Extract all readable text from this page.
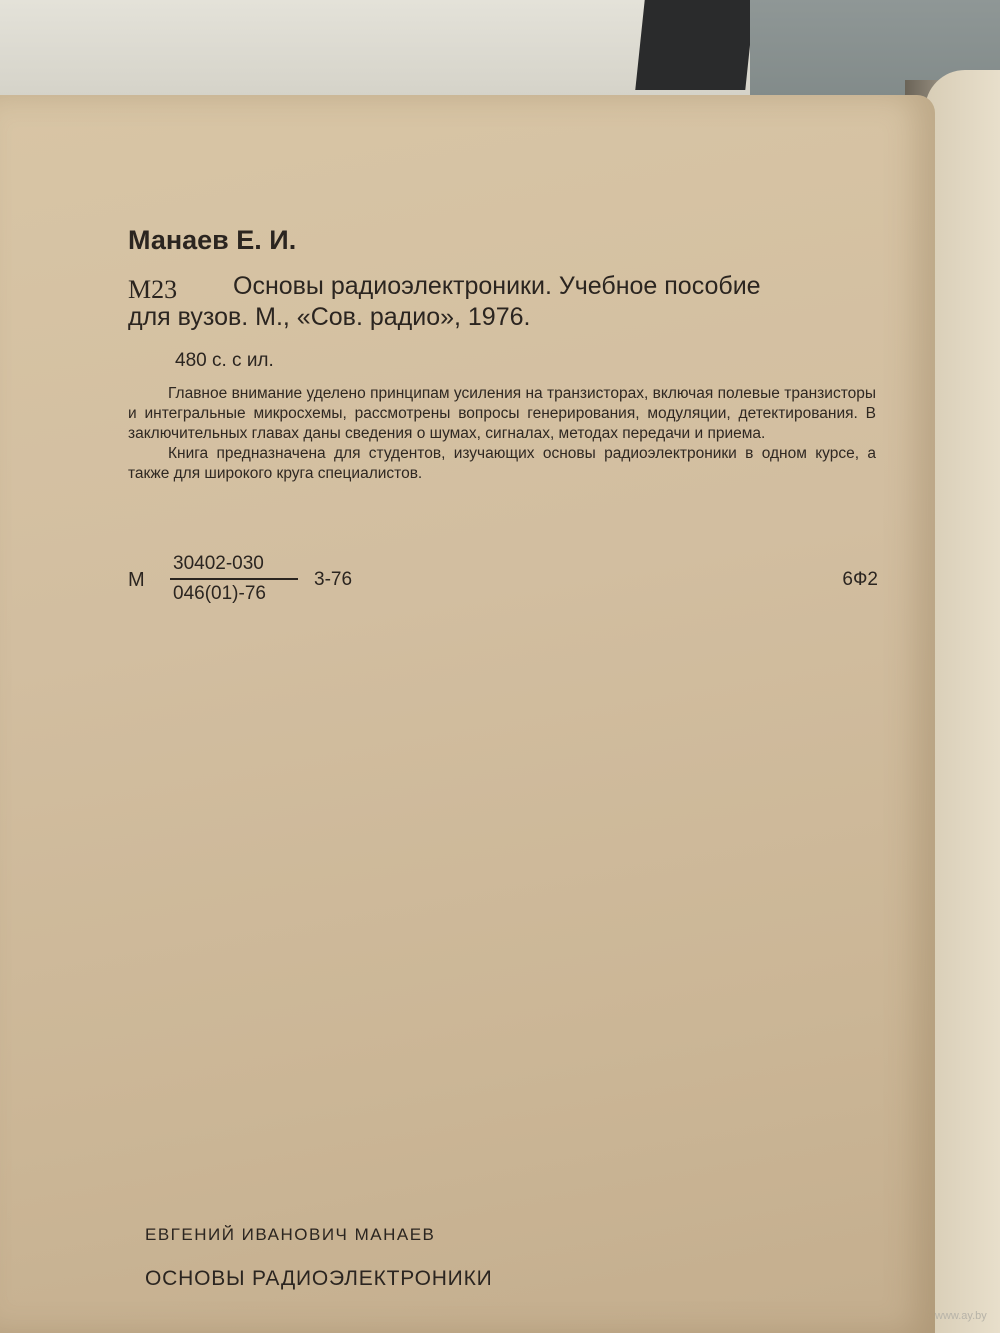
Манаев Е. И.
М23 Основы радиоэлектроники. Учебное пособие
для вузов. М., «Сов. радио», 1976.
480 с. с ил.

Главное внимание уделено принципам усиления на транзисторах, включая полевые транзисторы и интегральные микросхемы, рассмотрены вопросы генерирования, модуляции, детектирования. В заключительных главах даны сведения о шумах, сигналах, методах передачи и приема.

Книга предназначена для студентов, изучающих основы радиоэлектроники в одном курсе, а также для широкого круга специалистов.

М
30402-030
046(01)-76
3-76	6Ф2
ЕВГЕНИЙ ИВАНОВИЧ МАНАЕВ
ОСНОВЫ РАДИОЭЛЕКТРОНИКИ
www.ay.by
